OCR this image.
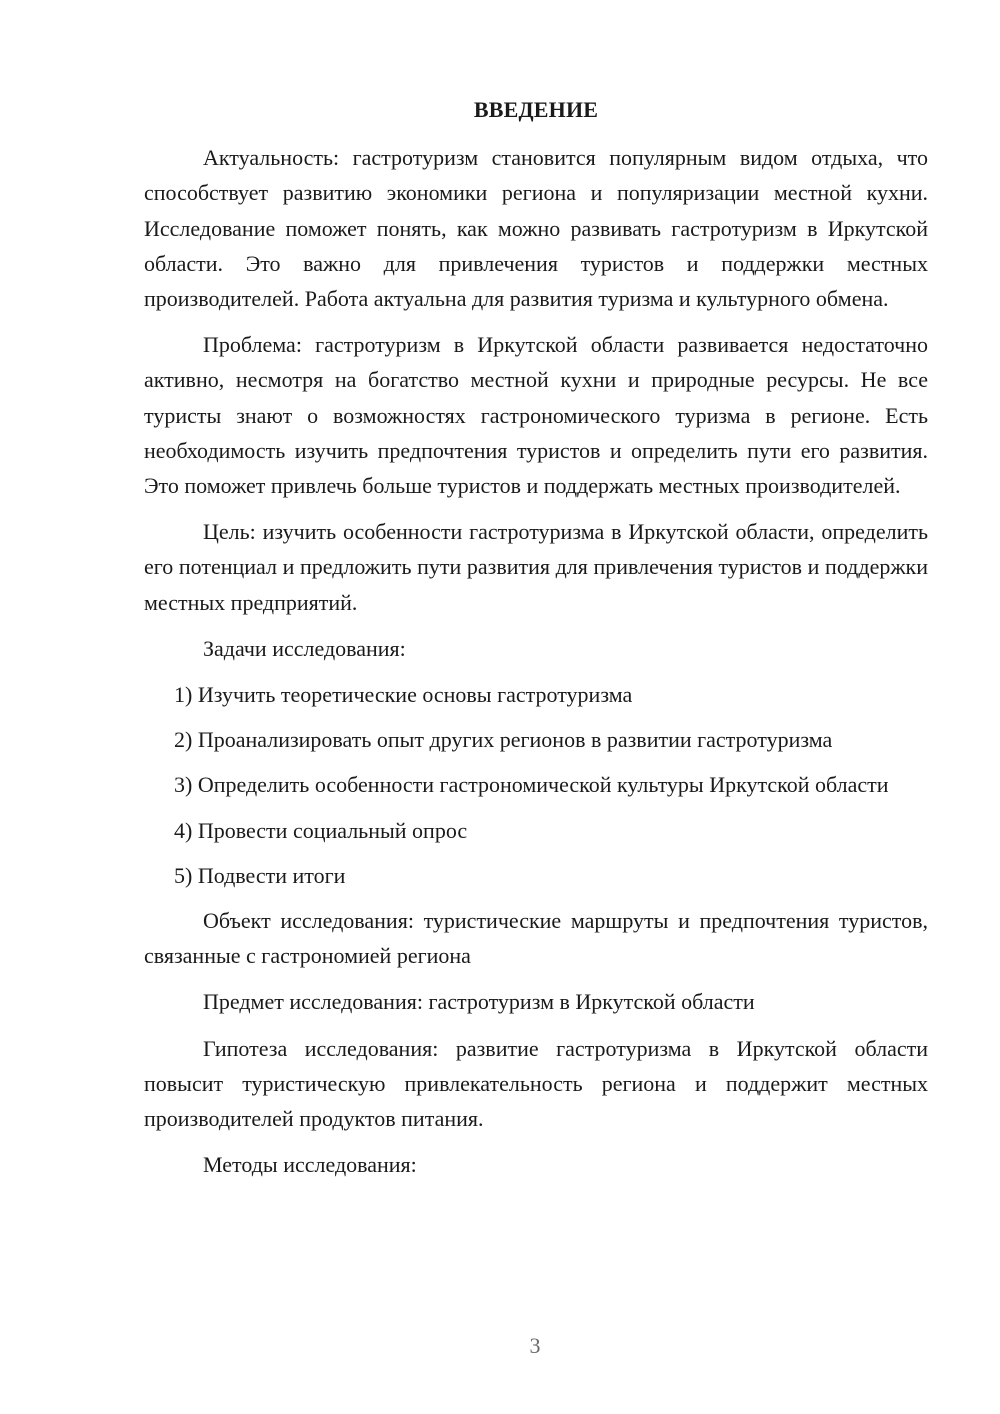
ВВЕДЕНИЕ

Актуальность: гастротуризм становится популярным видом отдыха, что способствует развитию экономики региона и популяризации местной кухни. Исследование поможет понять, как можно развивать гастротуризм в Иркутской области. Это важно для привлечения туристов и поддержки местных производителей. Работа актуальна для развития туризма и культурного обмена.

Проблема: гастротуризм в Иркутской области развивается недостаточно активно, несмотря на богатство местной кухни и природные ресурсы. Не все туристы знают о возможностях гастрономического туризма в регионе. Есть необходимость изучить предпочтения туристов и определить пути его развития. Это поможет привлечь больше туристов и поддержать местных производителей.

Цель: изучить особенности гастротуризма в Иркутской области, определить его потенциал и предложить пути развития для привлечения туристов и поддержки местных предприятий.

Задачи исследования:

1) Изучить теоретические основы гастротуризма

2) Проанализировать опыт других регионов в развитии гастротуризма

3) Определить особенности гастрономической культуры Иркутской области

4) Провести социальный опрос

5) Подвести итоги

Объект исследования: туристические маршруты и предпочтения туристов, связанные с гастрономией региона

Предмет исследования: гастротуризм в Иркутской области

Гипотеза исследования: развитие гастротуризма в Иркутской области повысит туристическую привлекательность региона и поддержит местных производителей продуктов питания.

Методы исследования:

3
